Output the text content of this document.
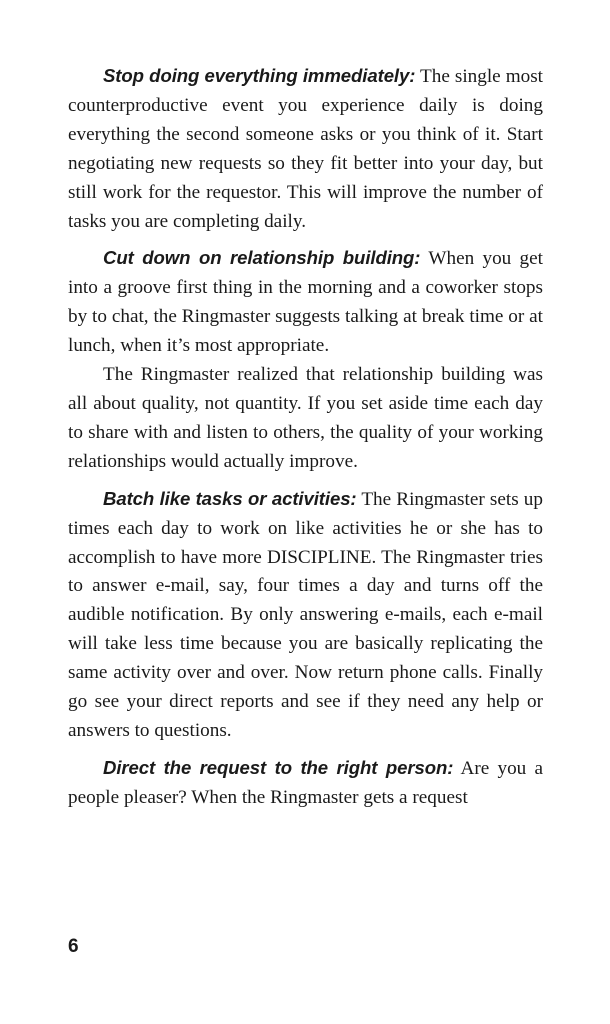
Stop doing everything immediately: The single most counterproductive event you experience daily is doing everything the second someone asks or you think of it. Start negotiating new requests so they fit better into your day, but still work for the requestor. This will improve the number of tasks you are completing daily.

Cut down on relationship building: When you get into a groove first thing in the morning and a coworker stops by to chat, the Ringmaster suggests talking at break time or at lunch, when it’s most appropriate.

The Ringmaster realized that relationship building was all about quality, not quantity. If you set aside time each day to share with and listen to others, the quality of your working relationships would actually improve.

Batch like tasks or activities: The Ringmaster sets up times each day to work on like activities he or she has to accomplish to have more DISCIPLINE. The Ringmaster tries to answer e-mail, say, four times a day and turns off the audible notification. By only answering e-mails, each e-mail will take less time because you are basically replicating the same activity over and over. Now return phone calls. Finally go see your direct reports and see if they need any help or answers to questions.

Direct the request to the right person: Are you a people pleaser? When the Ringmaster gets a request

6
